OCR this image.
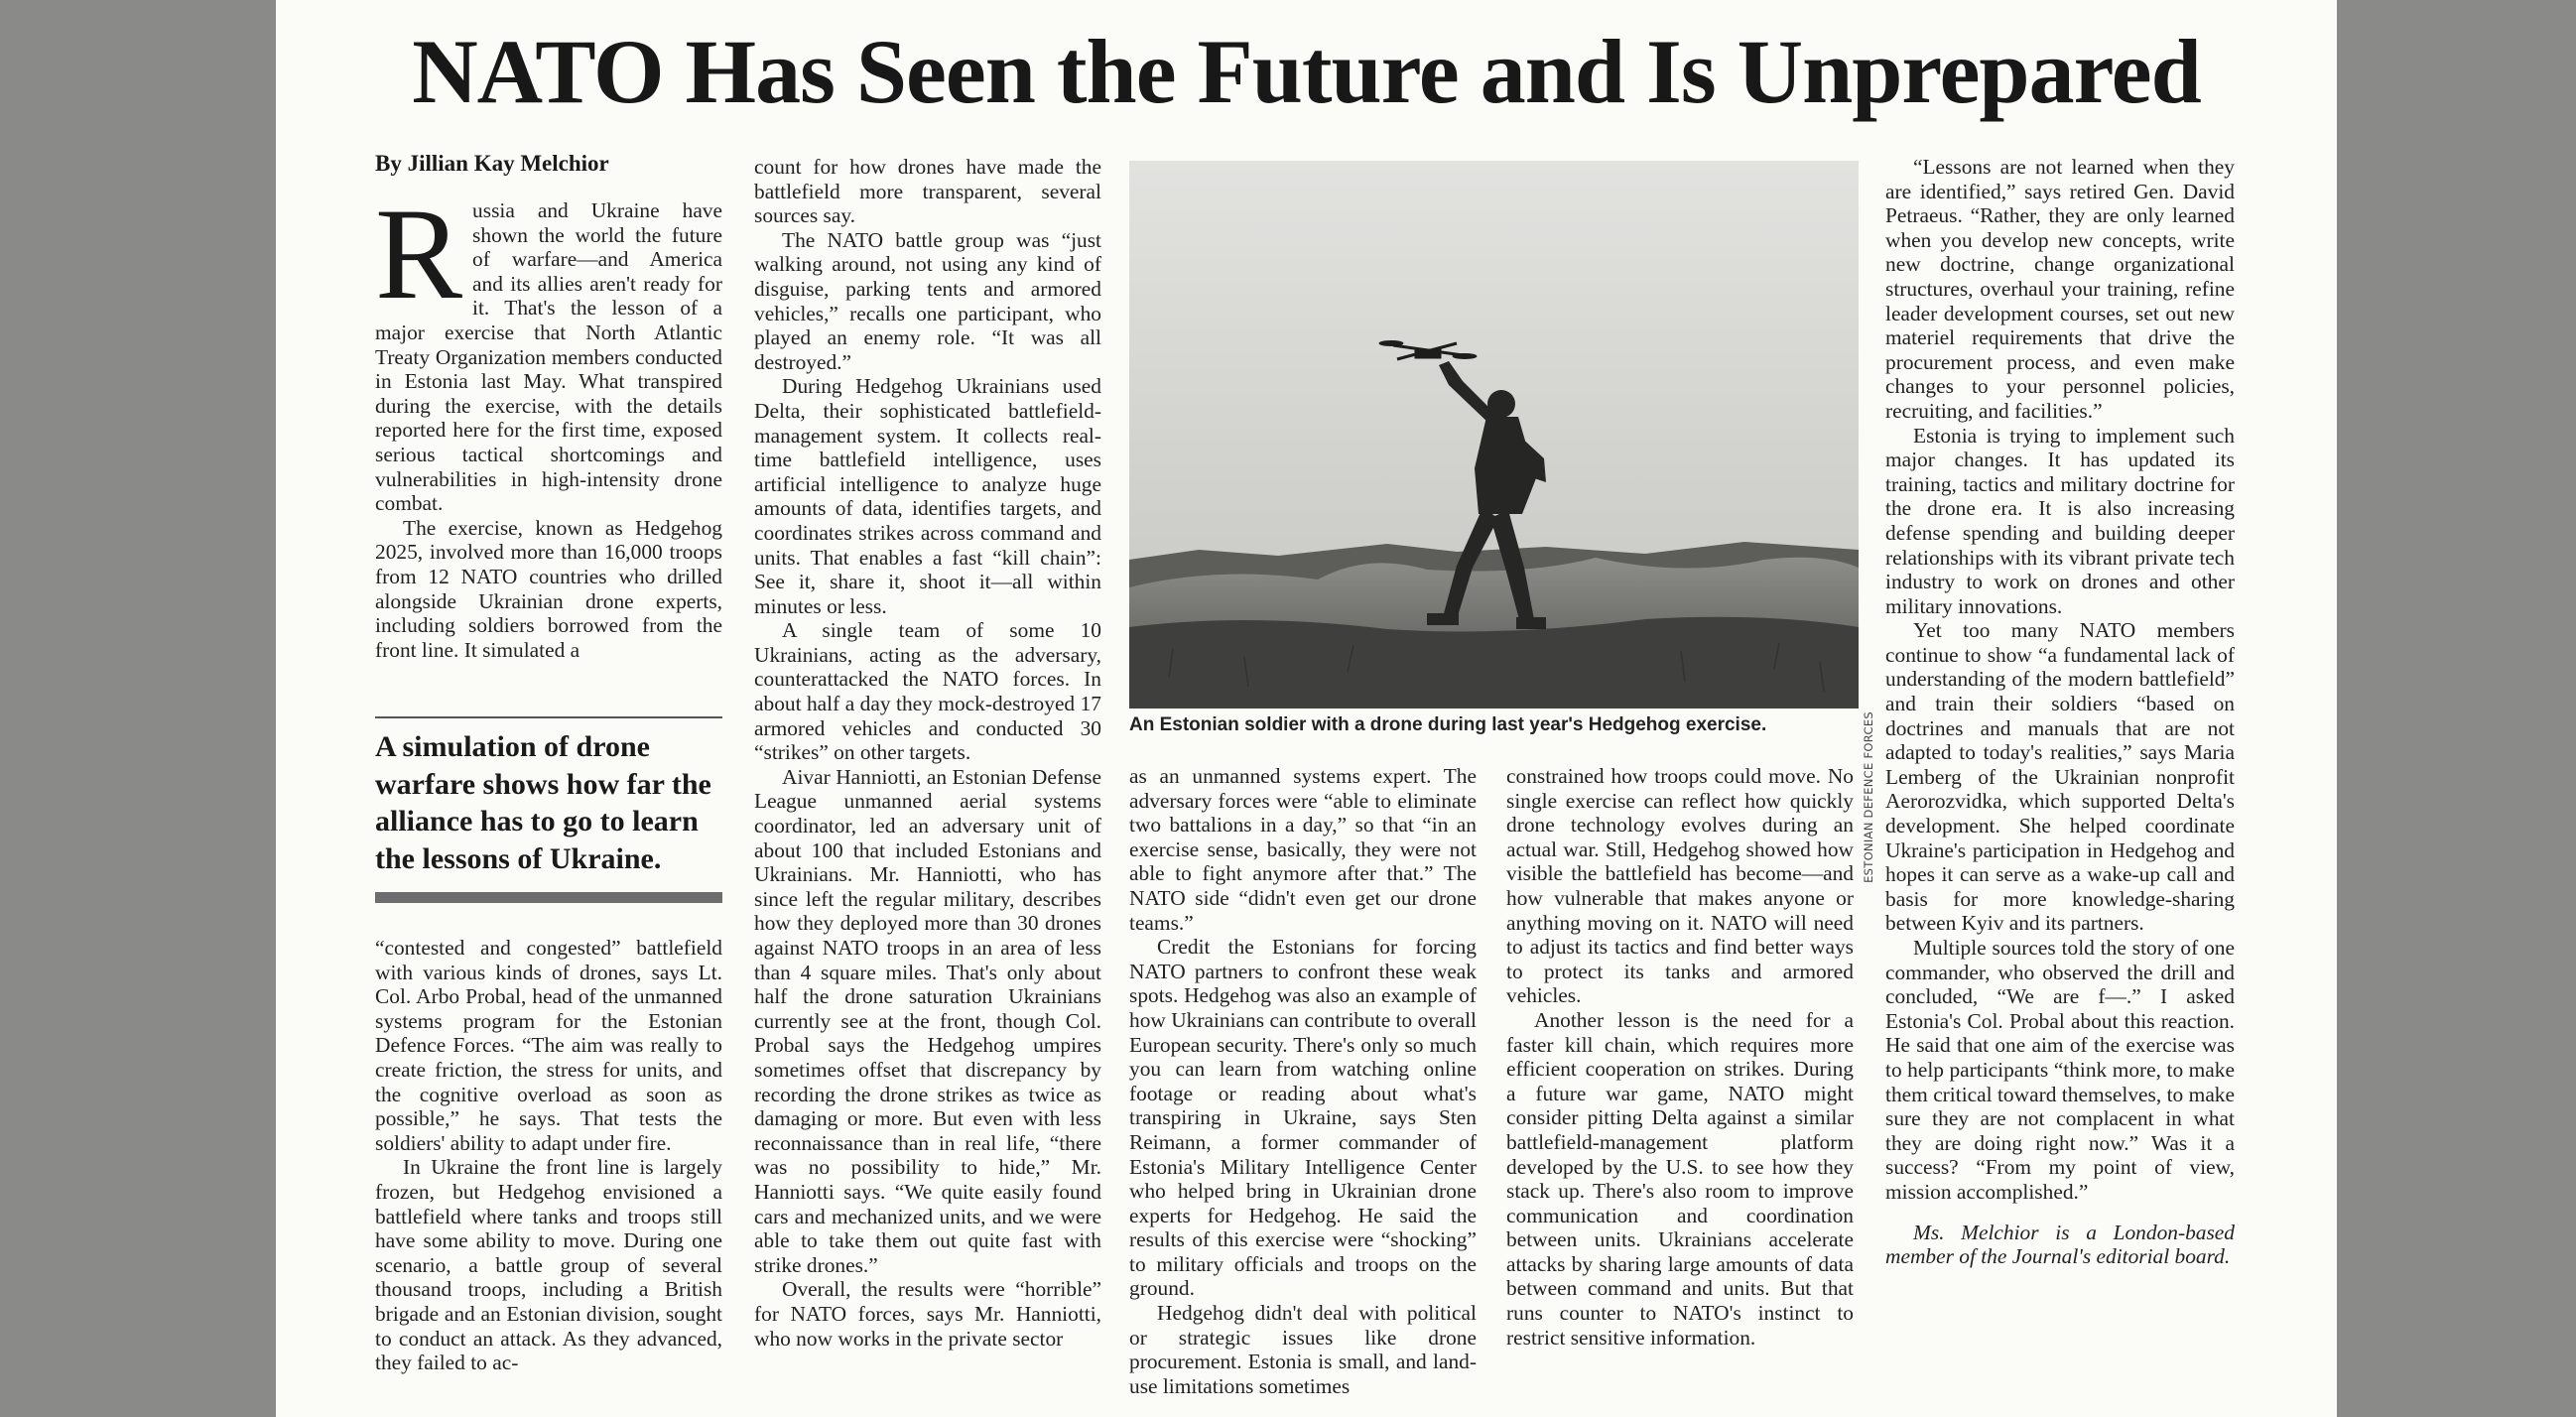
NATO Has Seen the Future and Is Unprepared
By Jillian Kay Melchior
R ussia and Ukraine have shown the world the future of warfare—and America and its allies aren't ready for it. That's the lesson of a major exercise that North Atlantic Treaty Organization members conducted in Estonia last May. What transpired during the exercise, with the details reported here for the first time, exposed serious tactical shortcomings and vulnerabilities in high-intensity drone combat.

The exercise, known as Hedgehog 2025, involved more than 16,000 troops from 12 NATO countries who drilled alongside Ukrainian drone experts, including soldiers borrowed from the front line. It simulated a

A simulation of drone warfare shows how far the alliance has to go to learn the lessons of Ukraine.

“contested and congested” battlefield with various kinds of drones, says Lt. Col. Arbo Probal, head of the unmanned systems program for the Estonian Defence Forces. “The aim was really to create friction, the stress for units, and the cognitive overload as soon as possible,” he says. That tests the soldiers' ability to adapt under fire.

In Ukraine the front line is largely frozen, but Hedgehog envisioned a battlefield where tanks and troops still have some ability to move. During one scenario, a battle group of several thousand troops, including a British brigade and an Estonian division, sought to conduct an attack. As they advanced, they failed to ac-

count for how drones have made the battlefield more transparent, several sources say.

The NATO battle group was “just walking around, not using any kind of disguise, parking tents and armored vehicles,” recalls one participant, who played an enemy role. “It was all destroyed.”

During Hedgehog Ukrainians used Delta, their sophisticated battlefield-management system. It collects real-time battlefield intelligence, uses artificial intelligence to analyze huge amounts of data, identifies targets, and coordinates strikes across command and units. That enables a fast “kill chain”: See it, share it, shoot it—all within minutes or less.

A single team of some 10 Ukrainians, acting as the adversary, counterattacked the NATO forces. In about half a day they mock-destroyed 17 armored vehicles and conducted 30 “strikes” on other targets.

Aivar Hanniotti, an Estonian Defense League unmanned aerial systems coordinator, led an adversary unit of about 100 that included Estonians and Ukrainians. Mr. Hanniotti, who has since left the regular military, describes how they deployed more than 30 drones against NATO troops in an area of less than 4 square miles. That's only about half the drone saturation Ukrainians currently see at the front, though Col. Probal says the Hedgehog umpires sometimes offset that discrepancy by recording the drone strikes as twice as damaging or more. But even with less reconnaissance than in real life, “there was no possibility to hide,” Mr. Hanniotti says. “We quite easily found cars and mechanized units, and we were able to take them out quite fast with strike drones.”

Overall, the results were “horrible” for NATO forces, says Mr. Hanniotti, who now works in the private sector

ESTONIAN DEFENCE FORCES
An Estonian soldier with a drone during last year's Hedgehog exercise.

as an unmanned systems expert. The adversary forces were “able to eliminate two battalions in a day,” so that “in an exercise sense, basically, they were not able to fight anymore after that.” The NATO side “didn't even get our drone teams.”

Credit the Estonians for forcing NATO partners to confront these weak spots. Hedgehog was also an example of how Ukrainians can contribute to overall European security. There's only so much you can learn from watching online footage or reading about what's transpiring in Ukraine, says Sten Reimann, a former commander of Estonia's Military Intelligence Center who helped bring in Ukrainian drone experts for Hedgehog. He said the results of this exercise were “shocking” to military officials and troops on the ground.

Hedgehog didn't deal with political or strategic issues like drone procurement. Estonia is small, and land-use limitations sometimes

constrained how troops could move. No single exercise can reflect how quickly drone technology evolves during an actual war. Still, Hedgehog showed how visible the battlefield has become—and how vulnerable that makes anyone or anything moving on it. NATO will need to adjust its tactics and find better ways to protect its tanks and armored vehicles.

Another lesson is the need for a faster kill chain, which requires more efficient cooperation on strikes. During a future war game, NATO might consider pitting Delta against a similar battlefield-management platform developed by the U.S. to see how they stack up. There's also room to improve communication and coordination between units. Ukrainians accelerate attacks by sharing large amounts of data between command and units. But that runs counter to NATO's instinct to restrict sensitive information.

“Lessons are not learned when they are identified,” says retired Gen. David Petraeus. “Rather, they are only learned when you develop new concepts, write new doctrine, change organizational structures, overhaul your training, refine leader development courses, set out new materiel requirements that drive the procurement process, and even make changes to your personnel policies, recruiting, and facilities.”

Estonia is trying to implement such major changes. It has updated its training, tactics and military doctrine for the drone era. It is also increasing defense spending and building deeper relationships with its vibrant private tech industry to work on drones and other military innovations.

Yet too many NATO members continue to show “a fundamental lack of understanding of the modern battlefield” and train their soldiers “based on doctrines and manuals that are not adapted to today's realities,” says Maria Lemberg of the Ukrainian nonprofit Aerorozvidka, which supported Delta's development. She helped coordinate Ukraine's participation in Hedgehog and hopes it can serve as a wake-up call and basis for more knowledge-sharing between Kyiv and its partners.

Multiple sources told the story of one commander, who observed the drill and concluded, “We are f—.” I asked Estonia's Col. Probal about this reaction. He said that one aim of the exercise was to help participants “think more, to make them critical toward themselves, to make sure they are not complacent in what they are doing right now.” Was it a success? “From my point of view, mission accomplished.”

Ms. Melchior is a London-based member of the Journal's editorial board.
